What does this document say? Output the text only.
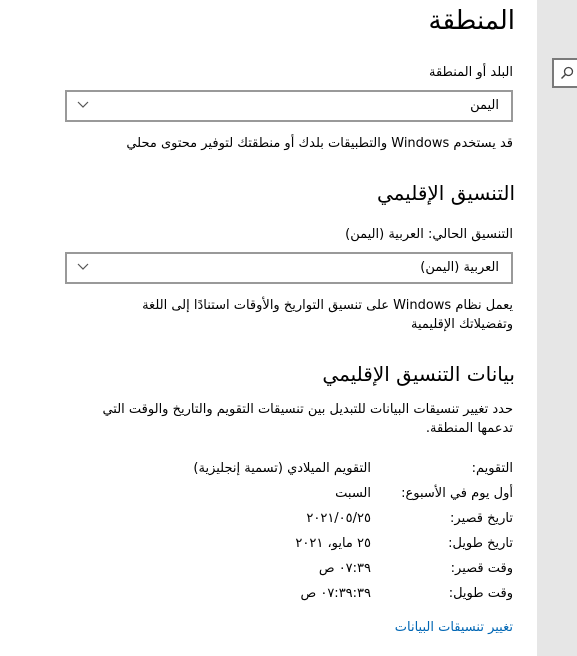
المنطقة
البلد أو المنطقة
اليمن
قد يستخدم Windows والتطبيقات بلدك أو منطقتك لتوفير محتوى محلي
التنسيق الإقليمي
التنسيق الحالي: العربية (اليمن)
العربية (اليمن)
يعمل نظام Windows على تنسيق التواريخ والأوقات استنادًا إلى اللغة وتفضيلاتك الإقليمية
بيانات التنسيق الإقليمي
حدد تغيير تنسيقات البيانات للتبديل بين تنسيقات التقويم والتاريخ والوقت التي تدعمها المنطقة.
التقويم:
التقويم الميلادي (تسمية إنجليزية)
أول يوم في الأسبوع:
السبت
تاريخ قصير:
٢٠٢١/٠٥/٢٥
تاريخ طويل:
٢٥ مايو، ٢٠٢١
وقت قصير:
٠٧:٣٩ ص
وقت طويل:
٠٧:٣٩:٣٩ ص
تغيير تنسيقات البيانات
